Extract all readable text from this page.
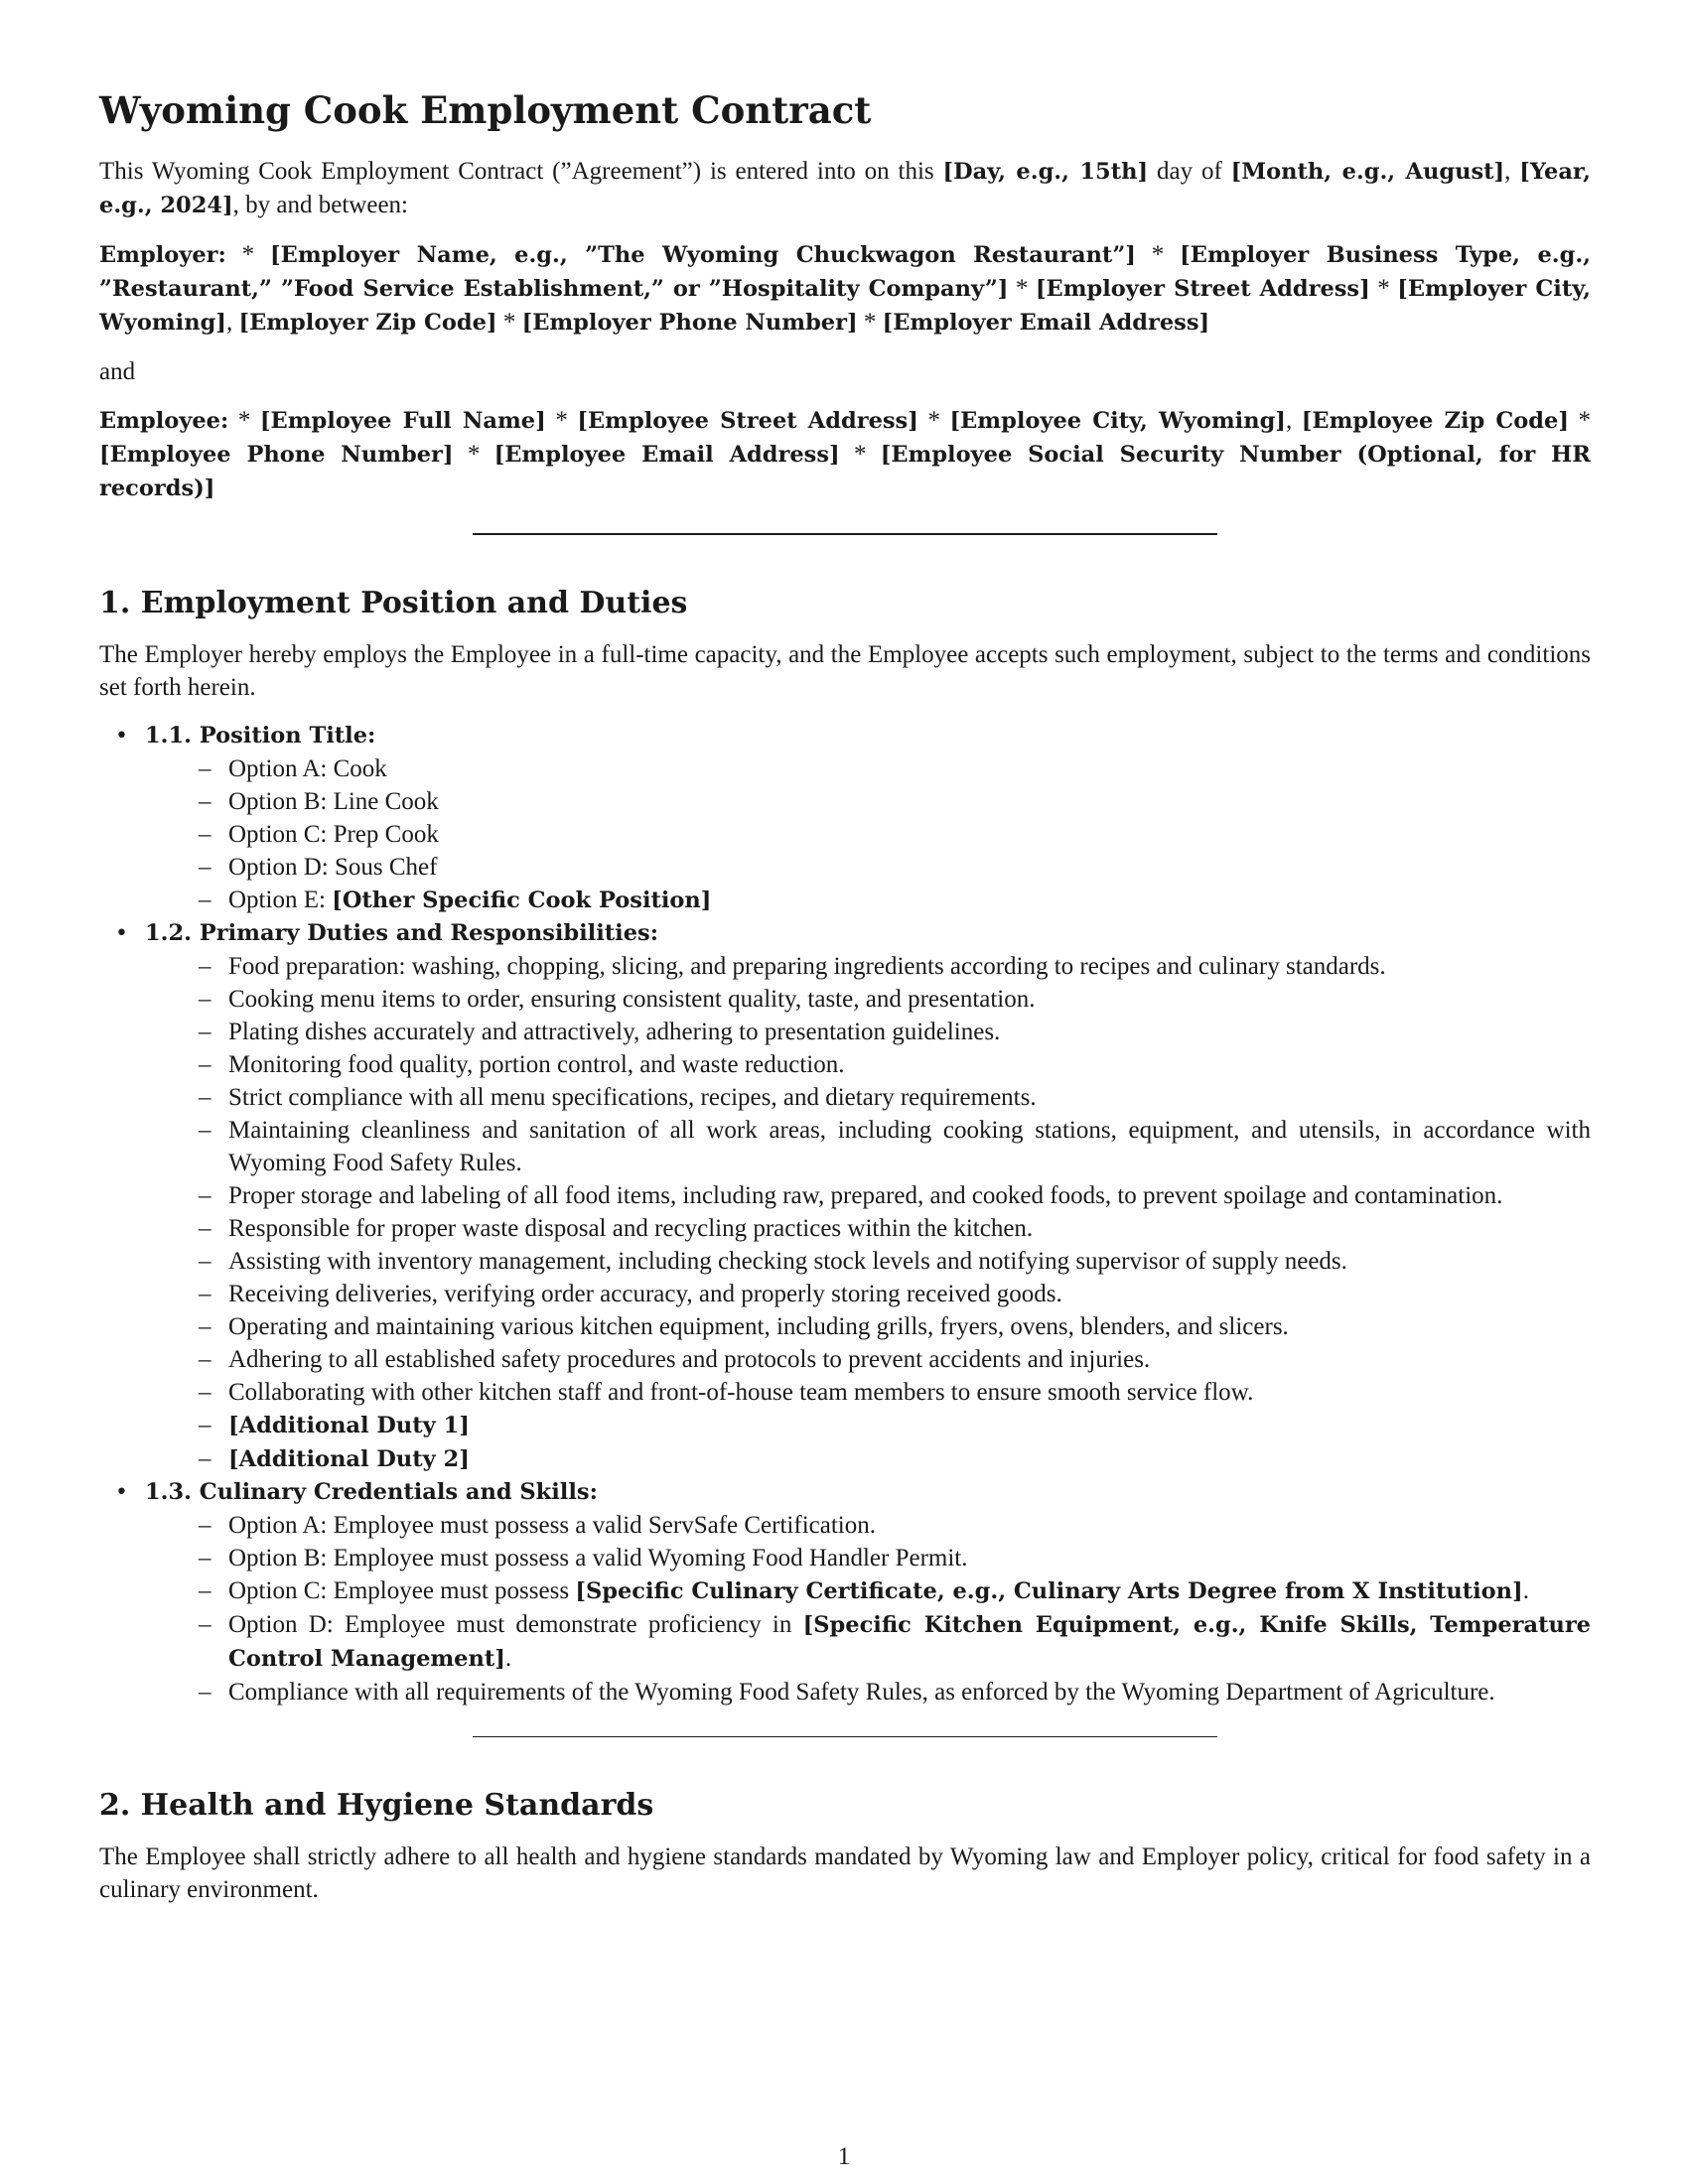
Wyoming Cook Employment Contract

This Wyoming Cook Employment Contract (”Agreement”) is entered into on this [Day, e.g., 15th] day of [Month, e.g., August], [Year, e.g., 2024], by and between:

Employer: * [Employer Name, e.g., ”The Wyoming Chuckwagon Restaurant”] * [Employer Business Type, e.g., ”Restaurant,” ”Food Service Establishment,” or ”Hospitality Company”] * [Employer Street Address] * [Employer City, Wyoming], [Employer Zip Code] * [Employer Phone Number] * [Employer Email Address]

and

Employee: * [Employee Full Name] * [Employee Street Address] * [Employee City, Wyoming], [Employee Zip Code] * [Employee Phone Number] * [Employee Email Address] * [Employee Social Security Number (Optional, for HR records)]

1. Employment Position and Duties

The Employer hereby employs the Employee in a full-time capacity, and the Employee accepts such employment, subject to the terms and conditions set forth herein.

• 1.1. Position Title:
– Option A: Cook
– Option B: Line Cook
– Option C: Prep Cook
– Option D: Sous Chef
– Option E: [Other Specific Cook Position]
• 1.2. Primary Duties and Responsibilities:
– Food preparation: washing, chopping, slicing, and preparing ingredients according to recipes and culinary standards.
– Cooking menu items to order, ensuring consistent quality, taste, and presentation.
– Plating dishes accurately and attractively, adhering to presentation guidelines.
– Monitoring food quality, portion control, and waste reduction.
– Strict compliance with all menu specifications, recipes, and dietary requirements.
– Maintaining cleanliness and sanitation of all work areas, including cooking stations, equipment, and utensils, in accordance with Wyoming Food Safety Rules.
– Proper storage and labeling of all food items, including raw, prepared, and cooked foods, to prevent spoilage and contamination.
– Responsible for proper waste disposal and recycling practices within the kitchen.
– Assisting with inventory management, including checking stock levels and notifying supervisor of supply needs.
– Receiving deliveries, verifying order accuracy, and properly storing received goods.
– Operating and maintaining various kitchen equipment, including grills, fryers, ovens, blenders, and slicers.
– Adhering to all established safety procedures and protocols to prevent accidents and injuries.
– Collaborating with other kitchen staff and front-of-house team members to ensure smooth service flow.
– [Additional Duty 1]
– [Additional Duty 2]
• 1.3. Culinary Credentials and Skills:
– Option A: Employee must possess a valid ServSafe Certification.
– Option B: Employee must possess a valid Wyoming Food Handler Permit.
– Option C: Employee must possess [Specific Culinary Certificate, e.g., Culinary Arts Degree from X Institution].
– Option D: Employee must demonstrate proficiency in [Specific Kitchen Equipment, e.g., Knife Skills, Temperature Control Management].
– Compliance with all requirements of the Wyoming Food Safety Rules, as enforced by the Wyoming Department of Agriculture.
2. Health and Hygiene Standards

The Employee shall strictly adhere to all health and hygiene standards mandated by Wyoming law and Employer policy, critical for food safety in a culinary environment.

1
